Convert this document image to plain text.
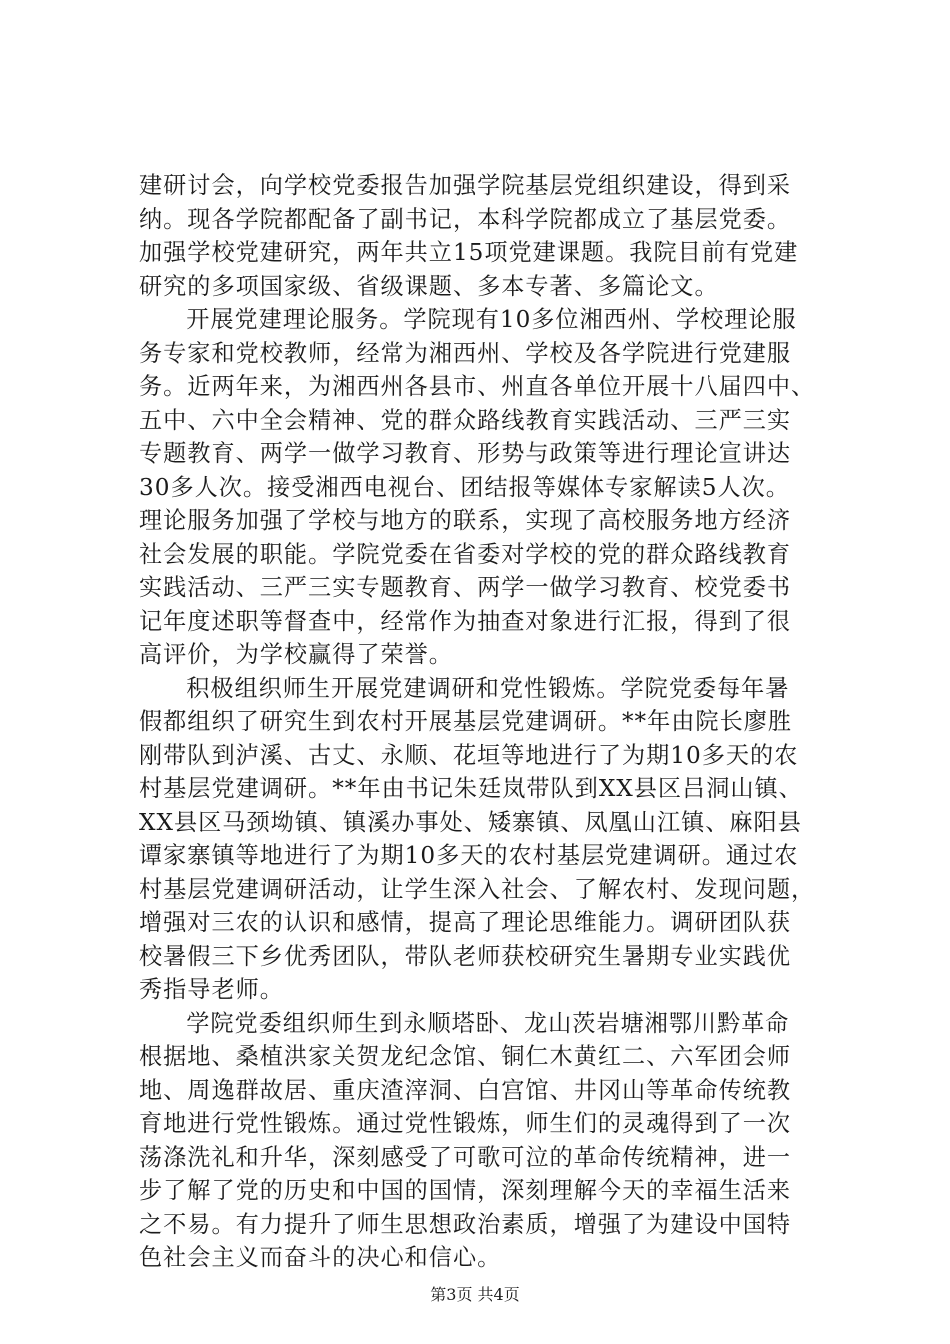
建研讨会，向学校党委报告加强学院基层党组织建设，得到采
纳。现各学院都配备了副书记，本科学院都成立了基层党委。
加强学校党建研究，两年共立15项党建课题。我院目前有党建
研究的多项国家级、省级课题、多本专著、多篇论文。
开展党建理论服务。学院现有10多位湘西州、学校理论服
务专家和党校教师，经常为湘西州、学校及各学院进行党建服
务。近两年来，为湘西州各县市、州直各单位开展十八届四中、
五中、六中全会精神、党的群众路线教育实践活动、三严三实
专题教育、两学一做学习教育、形势与政策等进行理论宣讲达
30多人次。接受湘西电视台、团结报等媒体专家解读5人次。
理论服务加强了学校与地方的联系，实现了高校服务地方经济
社会发展的职能。学院党委在省委对学校的党的群众路线教育
实践活动、三严三实专题教育、两学一做学习教育、校党委书
记年度述职等督查中，经常作为抽查对象进行汇报，得到了很
高评价，为学校赢得了荣誉。
积极组织师生开展党建调研和党性锻炼。学院党委每年暑
假都组织了研究生到农村开展基层党建调研。**年由院长廖胜
刚带队到泸溪、古丈、永顺、花垣等地进行了为期10多天的农
村基层党建调研。**年由书记朱廷岚带队到XX县区吕洞山镇、
XX县区马颈坳镇、镇溪办事处、矮寨镇、凤凰山江镇、麻阳县
谭家寨镇等地进行了为期10多天的农村基层党建调研。通过农
村基层党建调研活动，让学生深入社会、了解农村、发现问题，
增强对三农的认识和感情，提高了理论思维能力。调研团队获
校暑假三下乡优秀团队，带队老师获校研究生暑期专业实践优
秀指导老师。
学院党委组织师生到永顺塔卧、龙山茨岩塘湘鄂川黔革命
根据地、桑植洪家关贺龙纪念馆、铜仁木黄红二、六军团会师
地、周逸群故居、重庆渣滓洞、白宫馆、井冈山等革命传统教
育地进行党性锻炼。通过党性锻炼，师生们的灵魂得到了一次
荡涤洗礼和升华，深刻感受了可歌可泣的革命传统精神，进一
步了解了党的历史和中国的国情，深刻理解今天的幸福生活来
之不易。有力提升了师生思想政治素质，增强了为建设中国特
色社会主义而奋斗的决心和信心。
第3页 共4页
